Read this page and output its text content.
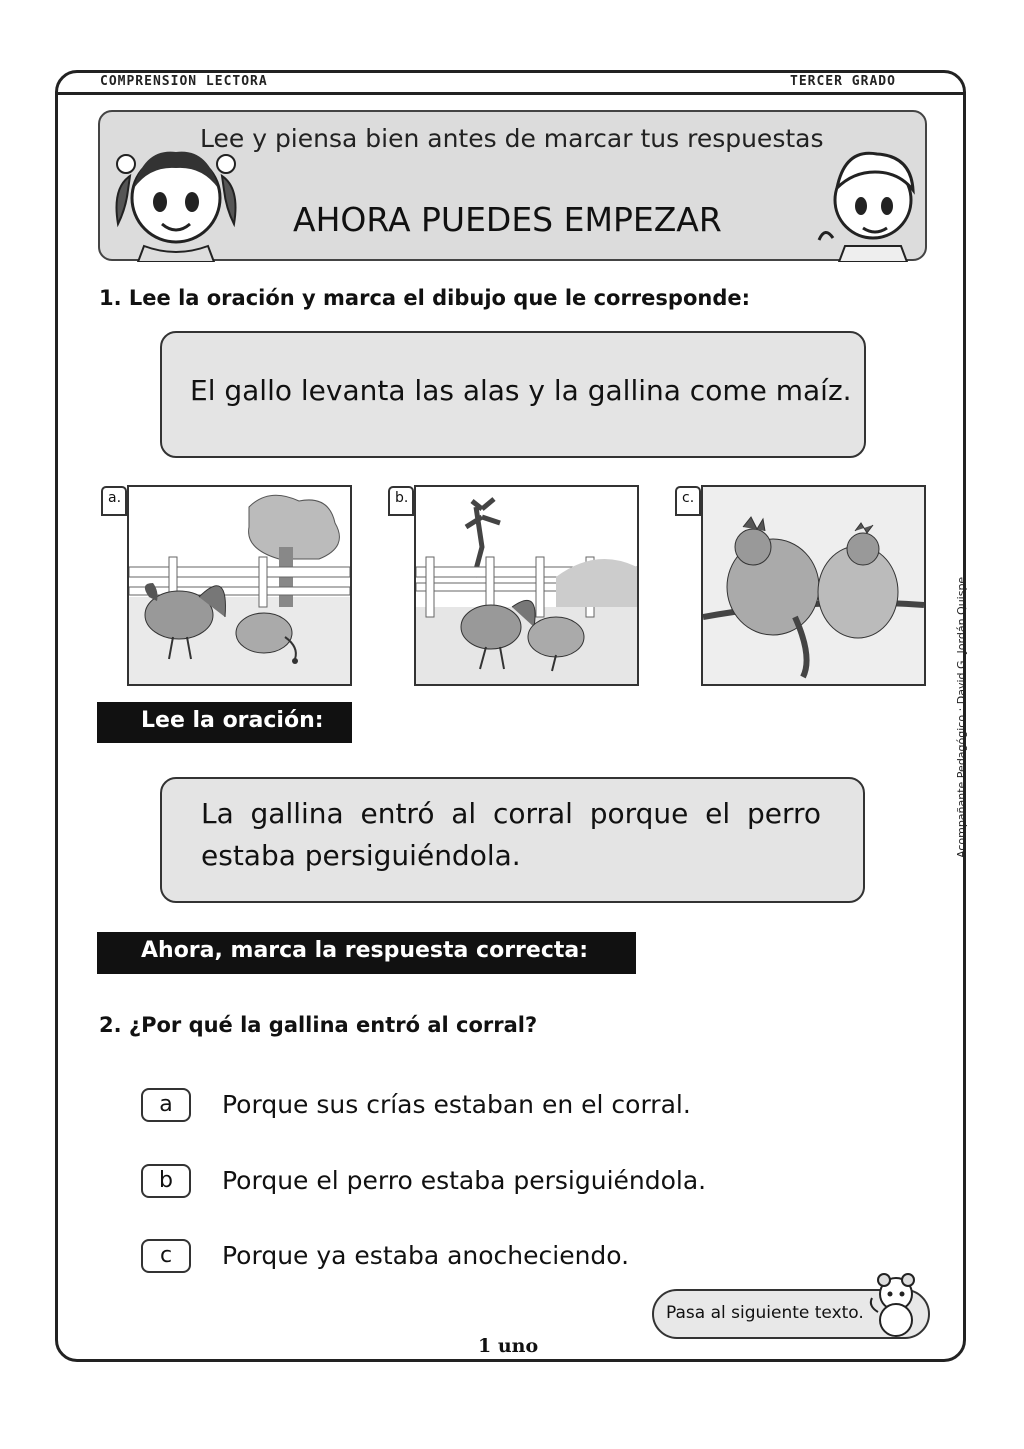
COMPRENSION LECTORA	TERCER GRADO
Lee y piensa bien antes de marcar tus respuestas
AHORA PUEDES EMPEZAR
1. Lee la oración y marca el dibujo que le corresponde:
El gallo levanta las alas y la gallina come maíz.
a.	b.	c.
Lee la oración:
La gallina entró al corral porque el perro
estaba persiguiéndola.
Ahora, marca la respuesta correcta:
2. ¿Por qué la gallina entró al corral?
a	Porque sus crías estaban en el corral.
b	Porque el perro estaba persiguiéndola.
c	Porque ya estaba anocheciendo.
Pasa al siguiente texto.
1 uno
Acompañante Pedagógico : David G. Jordán Quispe
